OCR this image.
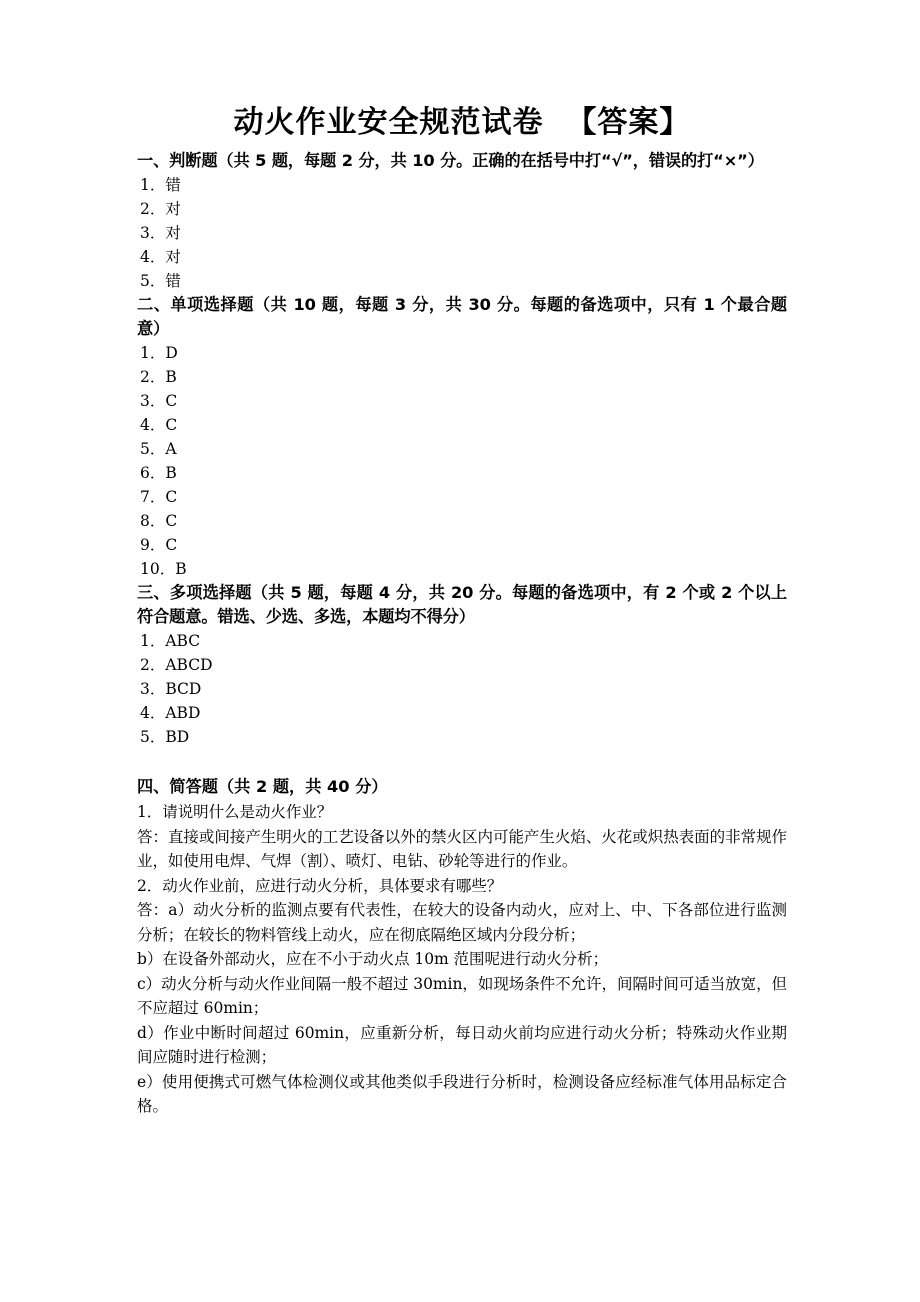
动火作业安全规范试卷  【答案】
一、判断题（共 5 题，每题 2 分，共 10 分。正确的在括号中打“√”，错误的打“×”）
1．错
2．对
3．对
4．对
5．错
二、单项选择题（共 10 题，每题 3 分，共 30 分。每题的备选项中，只有 1 个最合题意）
1．D
2．B
3．C
4．C
5．A
6．B
7．C
8．C
9．C
10．B
三、多项选择题（共 5 题，每题 4 分，共 20 分。每题的备选项中，有 2 个或 2 个以上符合题意。错选、少选、多选，本题均不得分）
1．ABC
2．ABCD
3．BCD
4．ABD
5．BD
四、简答题（共 2 题，共 40 分）
1．请说明什么是动火作业？
答：直接或间接产生明火的工艺设备以外的禁火区内可能产生火焰、火花或炽热表面的非常规作业，如使用电焊、气焊（割）、喷灯、电钻、砂轮等进行的作业。
2．动火作业前，应进行动火分析，具体要求有哪些？
答：a）动火分析的监测点要有代表性，在较大的设备内动火，应对上、中、下各部位进行监测分析；在较长的物料管线上动火，应在彻底隔绝区域内分段分析；
b）在设备外部动火，应在不小于动火点 10m 范围呢进行动火分析；
c）动火分析与动火作业间隔一般不超过 30min，如现场条件不允许，间隔时间可适当放宽，但不应超过 60min；
d）作业中断时间超过 60min，应重新分析，每日动火前均应进行动火分析；特殊动火作业期间应随时进行检测；
e）使用便携式可燃气体检测仪或其他类似手段进行分析时，检测设备应经标准气体用品标定合格。
